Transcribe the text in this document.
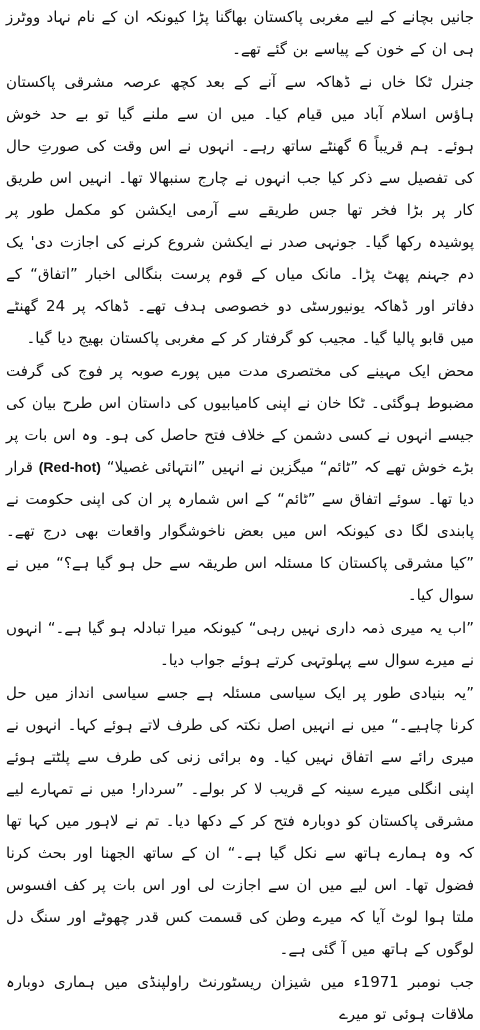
جانیں بچانے کے لیے مغربی پاکستان بھاگنا پڑا کیونکہ ان کے نام نہاد ووٹرز ہی ان کے خون کے پیاسے بن گئے تھے۔

جنرل ٹکا خاں نے ڈھاکہ سے آنے کے بعد کچھ عرصہ مشرقی پاکستان ہاؤس اسلام آباد میں قیام کیا۔ میں ان سے ملنے گیا تو بے حد خوش ہوئے۔ ہم قریباً 6 گھنٹے ساتھ رہے۔ انہوں نے اس وقت کی صورتِ حال کی تفصیل سے ذکر کیا جب انہوں نے چارج سنبھالا تھا۔ انہیں اس طریق کار پر بڑا فخر تھا جس طریقے سے آرمی ایکشن کو مکمل طور پر پوشیدہ رکھا گیا۔ جونہی صدر نے ایکشن شروع کرنے کی اجازت دی' یک دم جہنم پھٹ پڑا۔ مانک میاں کے قوم پرست بنگالی اخبار ”اتفاق“ کے دفاتر اور ڈھاکہ یونیورسٹی دو خصوصی ہدف تھے۔ ڈھاکہ پر 24 گھنٹے میں قابو پالیا گیا۔ مجیب کو گرفتار کر کے مغربی پاکستان بھیج دیا گیا۔

محض ایک مہینے کی مختصری مدت میں پورے صوبہ پر فوج کی گرفت مضبوط ہوگئی۔ ٹکا خان نے اپنی کامیابیوں کی داستان اس طرح بیان کی جیسے انہوں نے کسی دشمن کے خلاف فتح حاصل کی ہو۔ وہ اس بات پر بڑے خوش تھے کہ ”ٹائم“ میگزین نے انہیں ”انتہائی غصیلا“ (Red-hot) قرار دیا تھا۔ سوئے اتفاق سے ”ٹائم“ کے اس شمارہ پر ان کی اپنی حکومت نے پابندی لگا دی کیونکہ اس میں بعض ناخوشگوار واقعات بھی درج تھے۔ ”کیا مشرقی پاکستان کا مسئلہ اس طریقہ سے حل ہو گیا ہے؟“ میں نے سوال کیا۔

”اب یہ میری ذمہ داری نہیں رہی“ کیونکہ میرا تبادلہ ہو گیا ہے۔“ انہوں نے میرے سوال سے پہلوتہی کرتے ہوئے جواب دیا۔

”یہ بنیادی طور پر ایک سیاسی مسئلہ ہے جسے سیاسی انداز میں حل کرنا چاہیے۔“ میں نے انہیں اصل نکتہ کی طرف لاتے ہوئے کہا۔ انہوں نے میری رائے سے اتفاق نہیں کیا۔ وہ برائی زنی کی طرف سے پلٹتے ہوئے اپنی انگلی میرے سینہ کے قریب لا کر بولے۔ ”سردار! میں نے تمہارے لیے مشرقی پاکستان کو دوبارہ فتح کر کے دکھا دیا۔ تم نے لاہور میں کہا تھا کہ وہ ہمارے ہاتھ سے نکل گیا ہے۔“ ان کے ساتھ الجھنا اور بحث کرنا فضول تھا۔ اس لیے میں ان سے اجازت لی اور اس بات پر کف افسوس ملتا ہوا لوٹ آیا کہ میرے وطن کی قسمت کس قدر چھوٹے اور سنگ دل لوگوں کے ہاتھ میں آ گئی ہے۔

جب نومبر 1971ء میں شیزان ریسٹورنٹ راولپنڈی میں ہماری دوبارہ ملاقات ہوئی تو میرے
